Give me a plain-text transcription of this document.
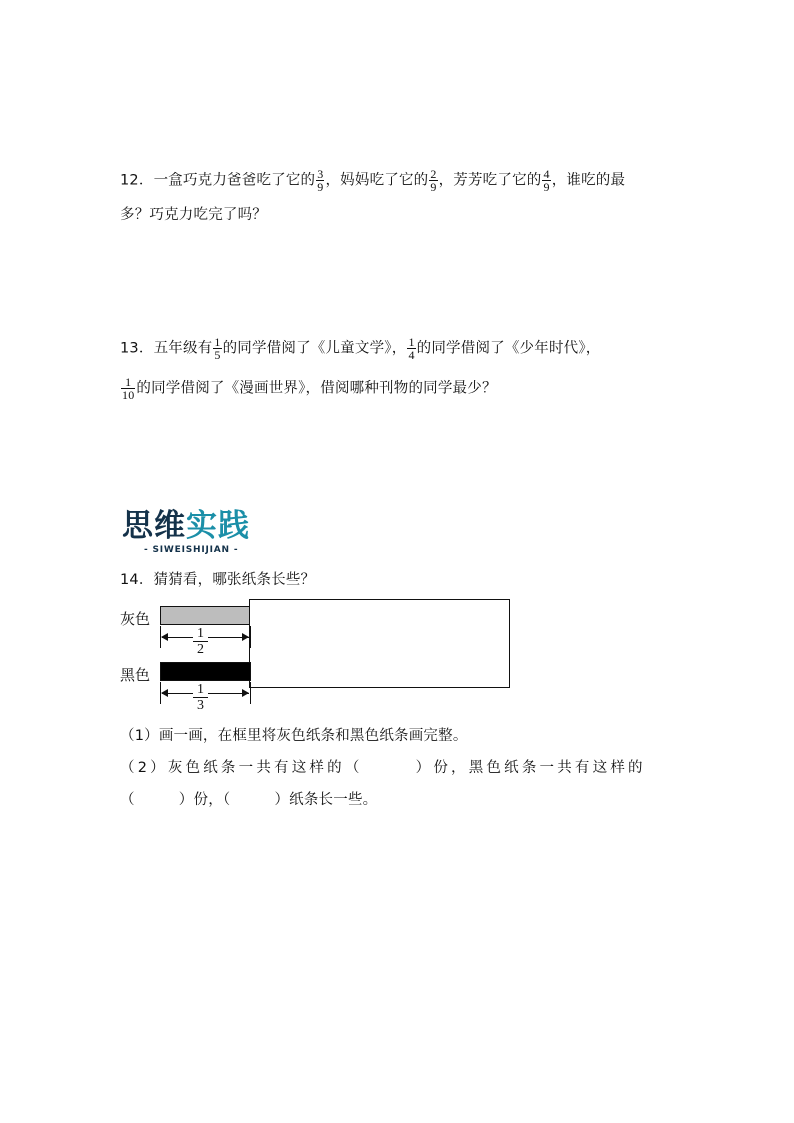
12．一盒巧克力爸爸吃了它的 $\frac{3}{9}$ ，妈妈吃了它的 $\frac{2}{9}$ ，芳芳吃了它的 $\frac{4}{9}$ ，谁吃的最
多？巧克力吃完了吗？
13．五年级有 $\frac{1}{5}$ 的同学借阅了《儿童文学》， $\frac{1}{4}$ 的同学借阅了《少年时代》，
$\frac{1}{10}$ 的同学借阅了《漫画世界》，借阅哪种刊物的同学最少？
思维实践
- SIWEISHIJIAN -
14．猜猜看，哪张纸条长些？
灰色
黑色
$\frac{1}{2}$
$\frac{1}{3}$
（1）画一画，在框里将灰色纸条和黑色纸条画完整。
（2）灰色纸条一共有这样的（　　　）份，黑色纸条一共有这样的
（　　　）份，（　　　）纸条长一些。
